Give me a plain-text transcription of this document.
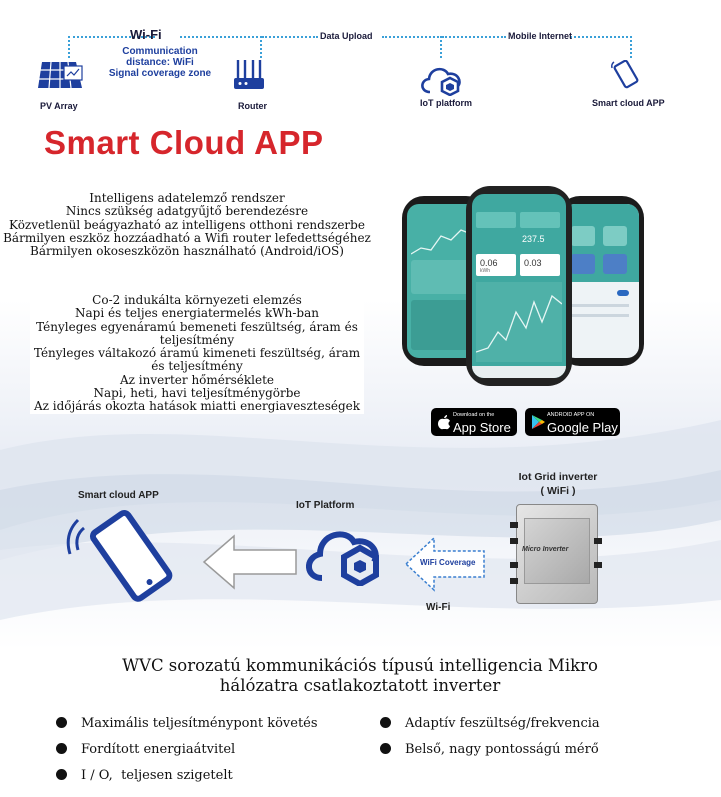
Wi-Fi
Communication
distance: WiFi
Signal coverage zone
Data Upload	Mobile Internet
PV Array	Router	IoT platform	Smart cloud APP
Smart Cloud APP
Intelligens adatelemző rendszer
Nincs szükség adatgyűjtő berendezésre
Közvetlenül beágyazható az intelligens otthoni rendszerbe
Bármilyen eszköz hozzáadható a Wifi router lefedettségéhez
Bármilyen okoseszközön használható (Android/iOS)
Co-2 indukálta környezeti elemzés
Napi és teljes energiatermelés kWh-ban
Tényleges egyenáramú bemeneti feszültség, áram és
teljesítmény
Tényleges váltakozó áramú kimeneti feszültség, áram
és teljesítmény
Az inverter hőmérséklete
Napi, heti, havi teljesítménygörbe
Az időjárás okozta hatások miatti energiaveszteségek
237.5
0.06	0.03
kWh
Download on the
App Store
ANDROID APP ON
Google Play
Smart cloud APP
IoT Platform
Iot Grid inverter
( WiFi )
WiFi Coverage
Wi-Fi
Micro Inverter
WVC sorozatú kommunikációs típusú intelligencia Mikro
hálózatra csatlakoztatott inverter
Maximális teljesítménypont követés
Fordított energiaátvitel
I / O,  teljesen szigetelt
Adaptív feszültség/frekvencia
Belső, nagy pontosságú mérő
